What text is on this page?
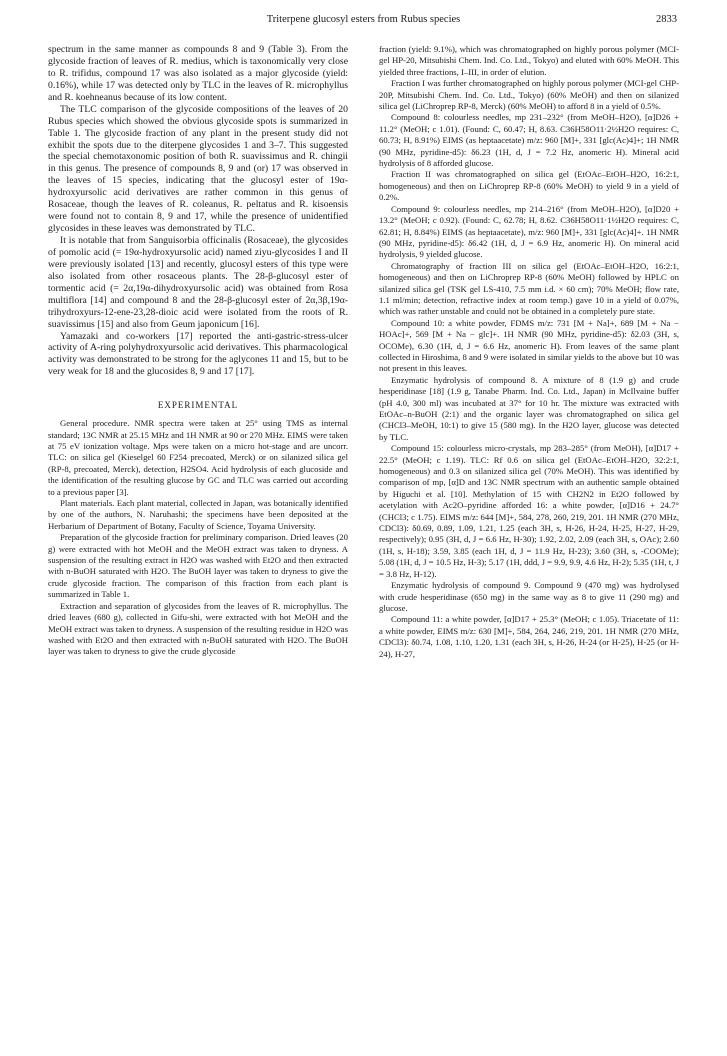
Triterpene glucosyl esters from Rubus species	2833

spectrum in the same manner as compounds 8 and 9 (Table 3). From the glycoside fraction of leaves of R. medius, which is taxonomically very close to R. trifidus, compound 17 was also isolated as a major glycoside (yield: 0.16%), while 17 was detected only by TLC in the leaves of R. microphyllus and R. koehneanus because of its low content.

The TLC comparison of the glycoside compositions of the leaves of 20 Rubus species which showed the obvious glycoside spots is summarized in Table 1. The glycoside fraction of any plant in the present study did not exhibit the spots due to the diterpene glycosides 1 and 3–7. This suggested the special chemotaxonomic position of both R. suavissimus and R. chingii in this genus. The presence of compounds 8, 9 and (or) 17 was observed in the leaves of 15 species, indicating that the glucosyl ester of 19α-hydroxyursolic acid derivatives are rather common in this genus of Rosaceae, though the leaves of R. coleanus, R. peltatus and R. kisoensis were found not to contain 8, 9 and 17, while the presence of unidentified glycosides in these leaves was demonstrated by TLC.

It is notable that from Sanguisorbia officinalis (Rosaceae), the glycosides of pomolic acid (= 19α-hydroxyursolic acid) named ziyu-glycosides I and II were previously isolated [13] and recently, glucosyl esters of this type were also isolated from other rosaceous plants. The 28-β-glucosyl ester of tormentic acid (= 2α,19α-dihydroxyursolic acid) was obtained from Rosa multiflora [14] and compound 8 and the 28-β-glucosyl ester of 2α,3β,19α-trihydroxyurs-12-ene-23,28-dioic acid were isolated from the roots of R. suavissimus [15] and also from Geum japonicum [16].

Yamazaki and co-workers [17] reported the anti-gastric-stress-ulcer activity of A-ring polyhydroxyursolic acid derivatives. This pharmacological activity was demonstrated to be strong for the aglycones 11 and 15, but to be very weak for 18 and the glucosides 8, 9 and 17 [17].

EXPERIMENTAL

General procedure. NMR spectra were taken at 25° using TMS as internal standard; 13C NMR at 25.15 MHz and 1H NMR at 90 or 270 MHz. EIMS were taken at 75 eV ionization voltage. Mps were taken on a micro hot-stage and are uncorr. TLC: on silica gel (Kieselgel 60 F254 precoated, Merck) or on silanized silica gel (RP-8, precoated, Merck), detection, H2SO4. Acid hydrolysis of each glucoside and the identification of the resulting glucose by GC and TLC was carried out according to a previous paper [3].

Plant materials. Each plant material, collected in Japan, was botanically identified by one of the authors, N. Naruhashi; the specimens have been deposited at the Herbarium of Department of Botany, Faculty of Science, Toyama University.

Preparation of the glycoside fraction for preliminary comparison. Dried leaves (20 g) were extracted with hot MeOH and the MeOH extract was taken to dryness. A suspension of the resulting extract in H2O was washed with Et2O and then extracted with n-BuOH saturated with H2O. The BuOH layer was taken to dryness to give the crude glycoside fraction. The comparison of this fraction from each plant is summarized in Table 1.

Extraction and separation of glycosides from the leaves of R. microphyllus. The dried leaves (680 g), collected in Gifu-shi, were extracted with hot MeOH and the MeOH extract was taken to dryness. A suspension of the resulting residue in H2O was washed with Et2O and then extracted with n-BuOH saturated with H2O. The BuOH layer was taken to dryness to give the crude glycoside

fraction (yield: 9.1%), which was chromatographed on highly porous polymer (MCI-gel HP-20, Mitsubishi Chem. Ind. Co. Ltd., Tokyo) and eluted with 60% MeOH. This yielded three fractions, I–III, in order of elution.

Fraction I was further chromatographed on highly porous polymer (MCI-gel CHP-20P, Mitsubishi Chem. Ind. Co. Ltd., Tokyo) (60% MeOH) and then on silanized silica gel (LiChroprep RP-8, Merck) (60% MeOH) to afford 8 in a yield of 0.5%.

Compound 8: colourless needles, mp 231–232° (from MeOH–H2O), [α]D26 + 11.2° (MeOH; c 1.01). (Found: C, 60.47; H, 8.63. C36H58O11·2½H2O requires: C, 60.73; H, 8.91%) EIMS (as heptaacetate) m/z: 960 [M]+, 331 [glc(Ac)4]+; 1H NMR (90 MHz, pyridine-d5): δ6.23 (1H, d, J = 7.2 Hz, anomeric H). Mineral acid hydrolysis of 8 afforded glucose.

Fraction II was chromatographed on silica gel (EtOAc–EtOH–H2O, 16:2:1, homogeneous) and then on LiChroprep RP-8 (60% MeOH) to yield 9 in a yield of 0.2%.

Compound 9: colourless needles, mp 214–216° (from MeOH–H2O), [α]D20 + 13.2° (MeOH; c 0.92). (Found: C, 62.78; H, 8.62. C36H58O11·1½H2O requires: C, 62.81; H, 8.84%) EIMS (as heptaacetate), m/z: 960 [M]+, 331 [glc(Ac)4]+. 1H NMR (90 MHz, pyridine-d5): δ6.42 (1H, d, J = 6.9 Hz, anomeric H). On mineral acid hydrolysis, 9 yielded glucose.

Chromatography of fraction III on silica gel (EtOAc–EtOH–H2O, 16:2:1, homogeneous) and then on LiChroprep RP-8 (60% MeOH) followed by HPLC on silanized silica gel (TSK gel LS-410, 7.5 mm i.d. × 60 cm); 70% MeOH; flow rate, 1.1 ml/min; detection, refractive index at room temp.) gave 10 in a yield of 0.07%, which was rather unstable and could not be obtained in a completely pure state.

Compound 10: a white powder, FDMS m/z: 731 [M + Na]+, 689 [M + Na − HOAc]+, 569 [M + Na − glc]+. 1H NMR (90 MHz, pyridine-d5): δ2.03 (3H, s, OCOMe), 6.30 (1H, d, J = 6.6 Hz, anomeric H). From leaves of the same plant collected in Hiroshima, 8 and 9 were isolated in similar yields to the above but 10 was not present in this leaves.

Enzymatic hydrolysis of compound 8. A mixture of 8 (1.9 g) and crude hesperidinase [18] (1.9 g, Tanabe Pharm. Ind. Co. Ltd., Japan) in McIlvaine buffer (pH 4.0, 300 ml) was incubated at 37° for 10 hr. The mixture was extracted with EtOAc–n-BuOH (2:1) and the organic layer was chromatographed on silica gel (CHCl3–MeOH, 10:1) to give 15 (580 mg). In the H2O layer, glucose was detected by TLC.

Compound 15: colourless micro-crystals, mp 283–285° (from MeOH), [α]D17 + 22.5° (MeOH; c 1.19). TLC: Rf 0.6 on silica gel (EtOAc–EtOH–H2O, 32:2:1, homogeneous) and 0.3 on silanized silica gel (70% MeOH). This was identified by comparison of mp, [α]D and 13C NMR spectrum with an authentic sample obtained by Higuchi et al. [10]. Methylation of 15 with CH2N2 in Et2O followed by acetylation with Ac2O–pyridine afforded 16: a white powder, [α]D16 + 24.7° (CHCl3; c 1.75). EIMS m/z: 644 [M]+, 584, 278, 260, 219, 201. 1H NMR (270 MHz, CDCl3): δ0.69, 0.89, 1.09, 1.21, 1.25 (each 3H, s, H-26, H-24, H-25, H-27, H-29, respectively); 0.95 (3H, d, J = 6.6 Hz, H-30); 1.92, 2.02, 2.09 (each 3H, s, OAc); 2.60 (1H, s, H-18); 3.59, 3.85 (each 1H, d, J = 11.9 Hz, H-23); 3.60 (3H, s, -COOMe); 5.08 (1H, d, J = 10.5 Hz, H-3); 5.17 (1H, ddd, J = 9.9, 9.9, 4.6 Hz, H-2); 5.35 (1H, t, J = 3.8 Hz, H-12).

Enzymatic hydrolysis of compound 9. Compound 9 (470 mg) was hydrolysed with crude hesperidinase (650 mg) in the same way as 8 to give 11 (290 mg) and glucose.

Compound 11: a white powder, [α]D17 + 25.3° (MeOH; c 1.05). Triacetate of 11: a white powder, EIMS m/z: 630 [M]+, 584, 264, 246, 219, 201. 1H NMR (270 MHz, CDCl3): δ0.74, 1.08, 1.10, 1.20, 1.31 (each 3H, s, H-26, H-24 (or H-25), H-25 (or H-24), H-27,
